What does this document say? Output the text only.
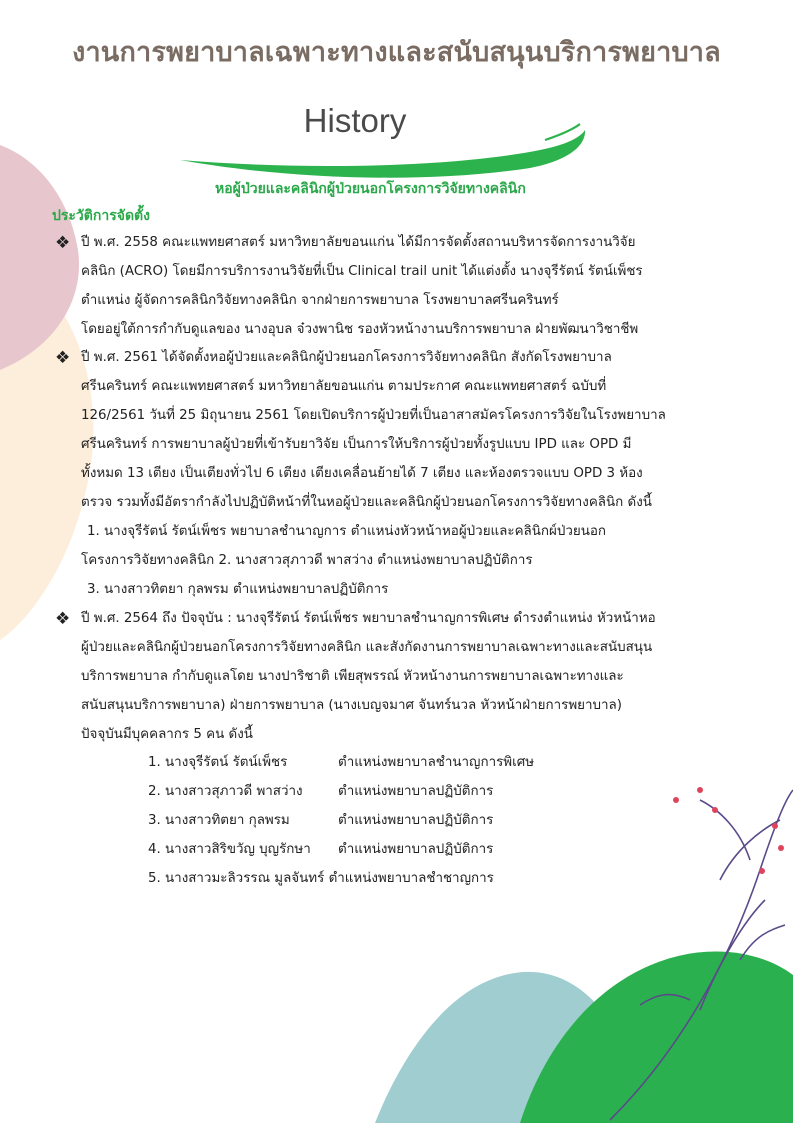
งานการพยาบาลเฉพาะทางและสนับสนุนบริการพยาบาล
History
หอผู้ป่วยและคลินิกผู้ป่วยนอกโครงการวิจัยทางคลินิก
ประวัติการจัดตั้ง
❖ ปี พ.ศ. 2558 คณะแพทยศาสตร์ มหาวิทยาลัยขอนแก่น ได้มีการจัดตั้งสถานบริหารจัดการงานวิจัย
คลินิก (ACRO) โดยมีการบริการงานวิจัยที่เป็น Clinical trail unit ได้แต่งตั้ง นางจุรีรัตน์ รัตน์เพ็ชร
ตำแหน่ง ผู้จัดการคลินิกวิจัยทางคลินิก จากฝ่ายการพยาบาล โรงพยาบาลศรีนครินทร์
โดยอยู่ใต้การกำกับดูแลของ นางอุบล จ๋วงพานิช รองหัวหน้างานบริการพยาบาล ฝ่ายพัฒนาวิชาชีพ
❖ ปี พ.ศ. 2561 ได้จัดตั้งหอผู้ป่วยและคลินิกผู้ป่วยนอกโครงการวิจัยทางคลินิก สังกัดโรงพยาบาล
ศรีนครินทร์ คณะแพทยศาสตร์ มหาวิทยาลัยขอนแก่น ตามประกาศ คณะแพทยศาสตร์ ฉบับที่
126/2561 วันที่ 25 มิถุนายน 2561 โดยเปิดบริการผู้ป่วยที่เป็นอาสาสมัครโครงการวิจัยในโรงพยาบาล
ศรีนครินทร์ การพยาบาลผู้ป่วยที่เข้ารับยาวิจัย เป็นการให้บริการผู้ป่วยทั้งรูปแบบ IPD และ OPD มี
ทั้งหมด 13 เตียง เป็นเตียงทั่วไป 6 เตียง เตียงเคลื่อนย้ายได้ 7 เตียง และห้องตรวจแบบ OPD 3 ห้อง
ตรวจ รวมทั้งมีอัตรากำลังไปปฏิบัติหน้าที่ในหอผู้ป่วยและคลินิกผู้ป่วยนอกโครงการวิจัยทางคลินิก ดังนี้
1. นางจุรีรัตน์ รัตน์เพ็ชร พยาบาลชำนาญการ ตำแหน่งหัวหน้าหอผู้ป่วยและคลินิกผ์ป่วยนอก
โครงการวิจัยทางคลินิก 2. นางสาวสุภาวดี พาสว่าง ตำแหน่งพยาบาลปฏิบัติการ
3. นางสาวทิตยา กุลพรม ตำแหน่งพยาบาลปฏิบัติการ
❖ ปี พ.ศ. 2564 ถึง ปัจจุบัน : นางจุรีรัตน์ รัตน์เพ็ชร พยาบาลชำนาญการพิเศษ ดำรงตำแหน่ง หัวหน้าหอ
ผู้ป่วยและคลินิกผู้ป่วยนอกโครงการวิจัยทางคลินิก และสังกัดงานการพยาบาลเฉพาะทางและสนับสนุน
บริการพยาบาล กำกับดูแลโดย นางปาริชาติ เพียสุพรรณ์ หัวหน้างานการพยาบาลเฉพาะทางและ
สนับสนุนบริการพยาบาล) ฝ่ายการพยาบาล (นางเบญจมาศ จันทร์นวล หัวหน้าฝ่ายการพยาบาล)
ปัจจุบันมีบุคคลากร 5 คน ดังนี้
1. นางจุรีรัตน์ รัตน์เพ็ชร	ตำแหน่งพยาบาลชำนาญการพิเศษ
2. นางสาวสุภาวดี พาสว่าง	ตำแหน่งพยาบาลปฏิบัติการ
3. นางสาวทิตยา กุลพรม	ตำแหน่งพยาบาลปฏิบัติการ
4. นางสาวสิริขวัญ บุญรักษา ตำแหน่งพยาบาลปฏิบัติการ
5. นางสาวมะลิวรรณ มูลจันทร์ ตำแหน่งพยาบาลชำชาญการ
